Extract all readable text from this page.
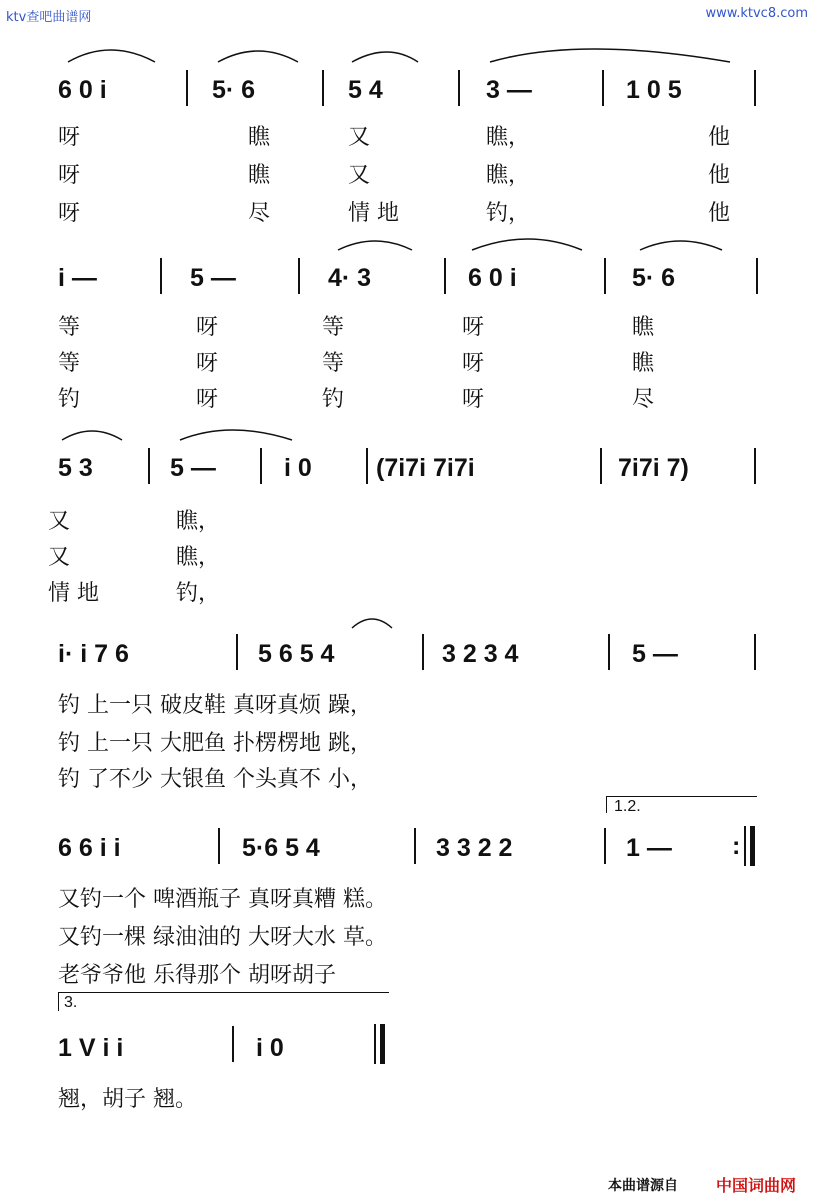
ktv查吧曲谱网	www.ktvc8.com
本曲谱源自 中国词曲网
6 0 i	5· 6	5 4	3 —	1 0 5
呀	瞧	又	瞧，	他
呀	瞧	又	瞧，	他
呀	尽	情 地	钓，	他
i —	5 —	4· 3	6 0 i	5· 6
等	呀	等	呀	瞧
等	呀	等	呀	瞧
钓	呀	钓	呀	尽
5 3	5 —	i 0	(7i7i 7i7i	7i7i 7)
又	瞧，
又	瞧，
情 地	钓，
i· i 7 6	5 6 5 4	3 2 3 4	5 —
钓 上一只 破皮鞋 真呀真烦 躁，
钓 上一只 大肥鱼 扑楞楞地 跳，
钓 了不少 大银鱼 个头真不 小，
1.2.
6 6 i i	5·6 5 4	3 3 2 2	1 — :
又钓一个 啤酒瓶子 真呀真糟 糕。
又钓一棵 绿油油的 大呀大水 草。
老爷爷他 乐得那个 胡呀胡子
3.
1 V i i	i 0
翘，胡子 翘。
